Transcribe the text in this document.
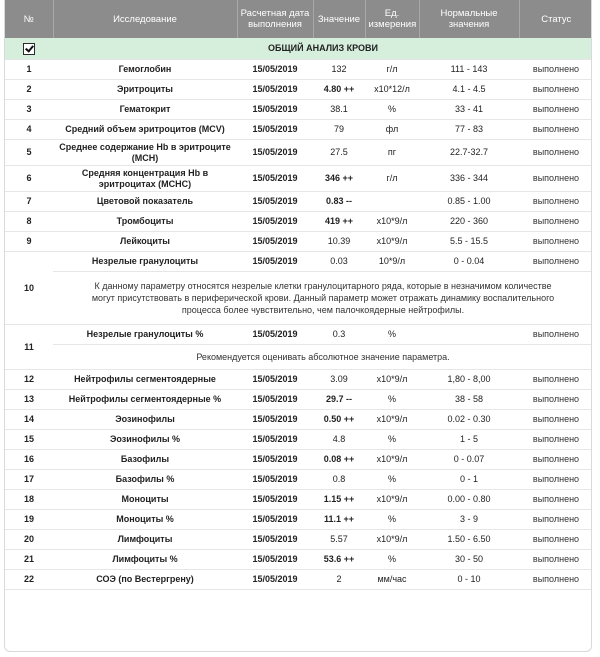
№	Исследование	Расчетная дата выполнения	Значение	Ед. измерения	Нормальные значения	Статус
	ОБЩИЙ АНАЛИЗ КРОВИ					
1	Гемоглобин	15/05/2019	132	г/л	111 - 143	выполнено
2	Эритроциты	15/05/2019	4.80 ++	х10*12/л	4.1 - 4.5	выполнено
3	Гематокрит	15/05/2019	38.1	%	33 - 41	выполнено
4	Средний объем эритроцитов (MCV)	15/05/2019	79	фл	77 - 83	выполнено
5	Среднее содержание Hb в эритроците (MCH)	15/05/2019	27.5	пг	22.7-32.7	выполнено
6	Средняя концентрация Hb в эритроцитах (MCHC)	15/05/2019	346 ++	г/л	336 - 344	выполнено
7	Цветовой показатель	15/05/2019	0.83 --		0.85 - 1.00	выполнено
8	Тромбоциты	15/05/2019	419 ++	х10*9/л	220 - 360	выполнено
9	Лейкоциты	15/05/2019	10.39	х10*9/л	5.5 - 15.5	выполнено
10	Незрелые гранулоциты	15/05/2019	0.03	10*9/л	0 - 0.04	выполнено
	К данному параметру относятся незрелые клетки гранулоцитарного ряда, которые в незначимом количестве могут присутствовать в периферической крови. Данный параметр может отражать динамику воспалительного процесса более чувствительно, чем палочкоядерные нейтрофилы.					
11	Незрелые гранулоциты %	15/05/2019	0.3	%		выполнено
	Рекомендуется оценивать абсолютное значение параметра.					
12	Нейтрофилы сегментоядерные	15/05/2019	3.09	х10*9/л	1,80 - 8,00	выполнено
13	Нейтрофилы сегментоядерные %	15/05/2019	29.7 --	%	38 - 58	выполнено
14	Эозинофилы	15/05/2019	0.50 ++	х10*9/л	0.02 - 0.30	выполнено
15	Эозинофилы %	15/05/2019	4.8	%	1 - 5	выполнено
16	Базофилы	15/05/2019	0.08 ++	х10*9/л	0 - 0.07	выполнено
17	Базофилы %	15/05/2019	0.8	%	0 - 1	выполнено
18	Моноциты	15/05/2019	1.15 ++	х10*9/л	0.00 - 0.80	выполнено
19	Моноциты %	15/05/2019	11.1 ++	%	3 - 9	выполнено
20	Лимфоциты	15/05/2019	5.57	х10*9/л	1.50 - 6.50	выполнено
21	Лимфоциты %	15/05/2019	53.6 ++	%	30 - 50	выполнено
22	СОЭ (по Вестергрену)	15/05/2019	2	мм/час	0 - 10	выполнено
